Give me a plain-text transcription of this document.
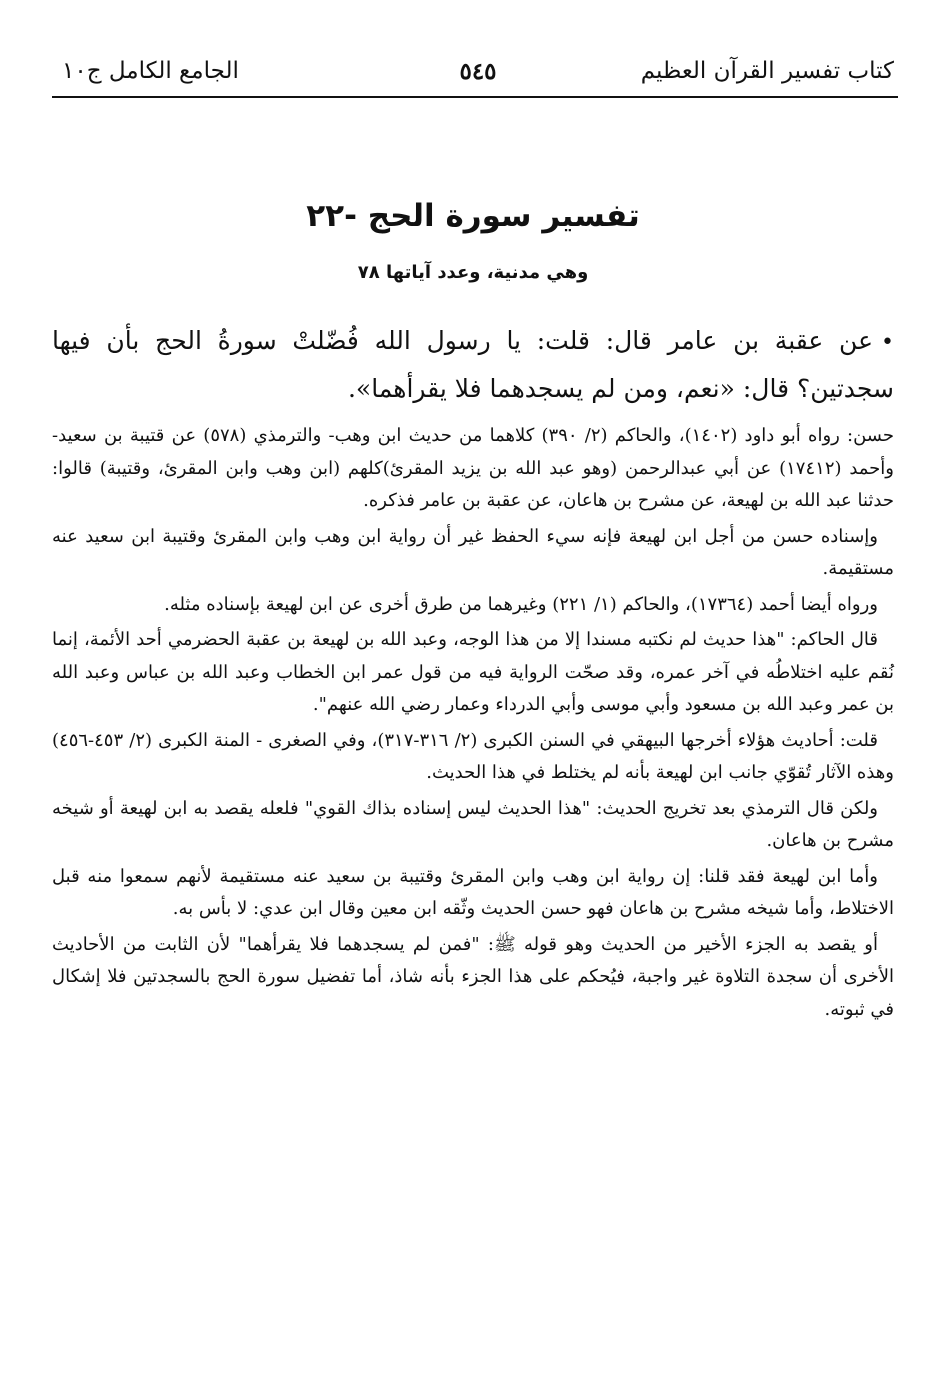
كتاب تفسير القرآن العظيم
٥٤٥
الجامع الكامل ج١٠
تفسير سورة الحج -٢٢
وهي مدنية، وعدد آياتها ٧٨
•عن عقبة بن عامر قال: قلت: يا رسول الله فُضّلتْ سورةُ الحج بأن فيها سجدتين؟ قال: «نعم، ومن لم يسجدهما فلا يقرأهما».

حسن: رواه أبو داود (١٤٠٢)، والحاكم (٢/ ٣٩٠) كلاهما من حديث ابن وهب- والترمذي (٥٧٨) عن قتيبة بن سعيد- وأحمد (١٧٤١٢) عن أبي عبدالرحمن (وهو عبد الله بن يزيد المقرئ)كلهم (ابن وهب وابن المقرئ، وقتيبة) قالوا: حدثنا عبد الله بن لهيعة، عن مشرح بن هاعان، عن عقبة بن عامر فذكره.

وإسناده حسن من أجل ابن لهيعة فإنه سيء الحفظ غير أن رواية ابن وهب وابن المقرئ وقتيبة ابن سعيد عنه مستقيمة.

ورواه أيضا أحمد (١٧٣٦٤)، والحاكم (١/ ٢٢١) وغيرهما من طرق أخرى عن ابن لهيعة بإسناده مثله.

قال الحاكم: "هذا حديث لم نكتبه مسندا إلا من هذا الوجه، وعبد الله بن لهيعة بن عقبة الحضرمي أحد الأئمة، إنما نُقم عليه اختلاطُه في آخر عمره، وقد صحّت الرواية فيه من قول عمر ابن الخطاب وعبد الله بن عباس وعبد الله بن عمر وعبد الله بن مسعود وأبي موسى وأبي الدرداء وعمار رضي الله عنهم".

قلت: أحاديث هؤلاء أخرجها البيهقي في السنن الكبرى (٢/ ٣١٦-٣١٧)، وفي الصغرى - المنة الكبرى (٢/ ٤٥٣-٤٥٦) وهذه الآثار تُقوّي جانب ابن لهيعة بأنه لم يختلط في هذا الحديث.

ولكن قال الترمذي بعد تخريج الحديث: "هذا الحديث ليس إسناده بذاك القوي" فلعله يقصد به ابن لهيعة أو شيخه مشرح بن هاعان.

وأما ابن لهيعة فقد قلنا: إن رواية ابن وهب وابن المقرئ وقتيبة بن سعيد عنه مستقيمة لأنهم سمعوا منه قبل الاختلاط، وأما شيخه مشرح بن هاعان فهو حسن الحديث وثّقه ابن معين وقال ابن عدي: لا بأس به.

أو يقصد به الجزء الأخير من الحديث وهو قوله ﷺ: "فمن لم يسجدهما فلا يقرأهما" لأن الثابت من الأحاديث الأخرى أن سجدة التلاوة غير واجبة، فيُحكم على هذا الجزء بأنه شاذ، أما تفضيل سورة الحج بالسجدتين فلا إشكال في ثبوته.
